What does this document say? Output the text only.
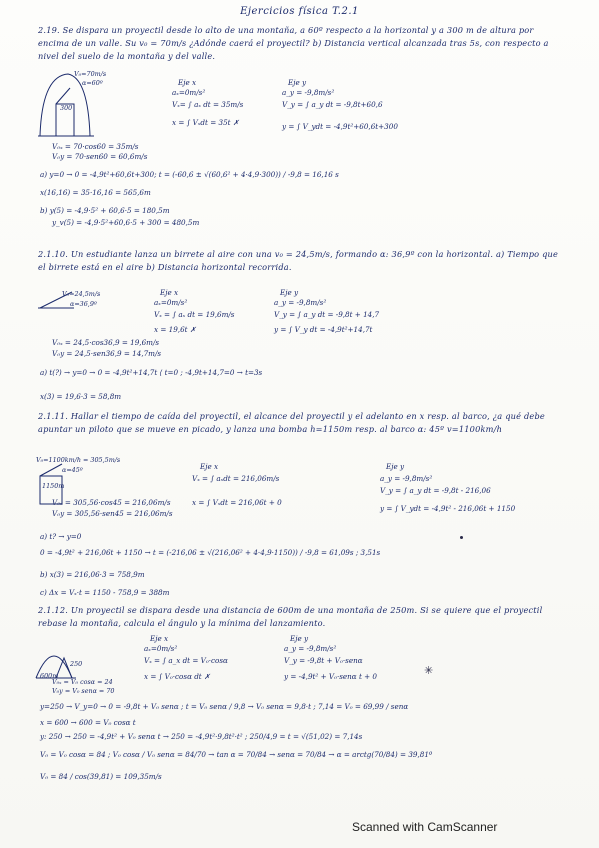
Ejercicios física T.2.1
2.19. Se dispara un proyectil desde lo alto de una montaña, a 60º respecto a la horizontal y a 300 m de altura por encima de un valle. Su v₀ = 70m/s ¿Adónde caerá el proyectil? b) Distancia vertical alcanzada tras 5s, con respecto a nivel del suelo de la montaña y del valle.
V₀=70m/s
α=60º
300
Eje x
aₓ=0m/s²
Vₓ= ∫ aₓ dt = 35m/s
x = ∫ Vₓdt = 35t ✗
Eje y
a_y = -9,8m/s²
V_y = ∫ a_y dt = -9,8t+60,6
y = ∫ V_ydt = -4,9t²+60,6t+300
V₀ₓ = 70·cos60 = 35m/s
V₀y = 70·sen60 = 60,6m/s
a) y=0 → 0 = -4,9t²+60,6t+300; t = (-60,6 ± √(60,6² + 4·4,9·300)) / -9,8 = 16,16 s
x(16,16) = 35·16,16 = 565,6m
b) y(5) = -4,9·5² + 60,6·5 = 180,5m
y_v(5) = -4,9·5²+60,6·5 + 300 = 480,5m
2.1.10. Un estudiante lanza un birrete al aire con una v₀ = 24,5m/s, formando α: 36,9º con la horizontal. a) Tiempo que el birrete está en el aire b) Distancia horizontal recorrida.
V₀=24,5m/s
α=36,9º
Eje x
aₓ=0m/s²
Vₓ = ∫ aₓ dt = 19,6m/s
x = 19,6t ✗
Eje y
a_y = -9,8m/s²
V_y = ∫ a_y dt = -9,8t + 14,7
y = ∫ V_y dt = -4,9t²+14,7t
V₀ₓ = 24,5·cos36,9 = 19,6m/s
V₀y = 24,5·sen36,9 = 14,7m/s
a) t(?) → y=0 → 0 = -4,9t²+14,7t ⟨ t=0 ; -4,9t+14,7=0 → t=3s
x(3) = 19,6·3 = 58,8m
2.1.11. Hallar el tiempo de caída del proyectil, el alcance del proyectil y el adelanto en x resp. al barco, ¿a qué debe apuntar un piloto que se mueve en picado, y lanza una bomba h=1150m resp. al barco α: 45º v=1100km/h
V₀=1100km/h = 305,5m/s
α=45º
1150m
Eje x
Vₓ = ∫ aₓdt = 216,06m/s
x = ∫ Vₓdt = 216,06t + 0
Eje y
a_y = -9,8m/s²
V_y = ∫ a_y dt = -9,8t - 216,06
y = ∫ V_ydt = -4,9t² - 216,06t + 1150
V₀ₓ = 305,56·cos45 = 216,06m/s
V₀y = 305,56·sen45 = 216,06m/s
a) t? → y=0
0 = -4,9t² + 216,06t + 1150 → t = (-216,06 ± √(216,06² + 4·4,9·1150)) / -9,8 = 61,09s ; 3,51s
b) x(3) = 216,06·3 = 758,9m
c) Δx = Vₓ·t = 1150 - 758,9 = 388m
2.1.12. Un proyectil se dispara desde una distancia de 600m de una montaña de 250m. Si se quiere que el proyectil rebase la montaña, calcula el ángulo y la mínima del lanzamiento.
250
600m
Eje x
aₓ=0m/s²
Vₓ = ∫ a_x dt = V₀·cosα
x = ∫ V₀·cosα dt ✗
Eje y
a_y = -9,8m/s²
V_y = -9,8t + V₀·senα
y = -4,9t² + V₀·senα t + 0
V₀ₓ = V₀ cosα = 24
V₀y = V₀ senα = 70
y=250 → V_y=0 → 0 = -9,8t + V₀ senα ; t = V₀ senα / 9,8 → V₀ senα = 9,8·t ; 7,14 = V₀ = 69,99 / senα
x = 600 → 600 = V₀ cosα t
y: 250 → 250 = -4,9t² + V₀ senα t → 250 = -4,9t²·9,8t²·t² ; 250/4,9 = t = √(51,02) = 7,14s
V₀ = V₀ cosα = 84 ; V₀ cosα / V₀ senα = 84/70 → tan α = 70/84 → senα = 70/84 → α = arctg(70/84) = 39,81º
V₀ = 84 / cos(39,81) = 109,35m/s
✳
Scanned with CamScanner
